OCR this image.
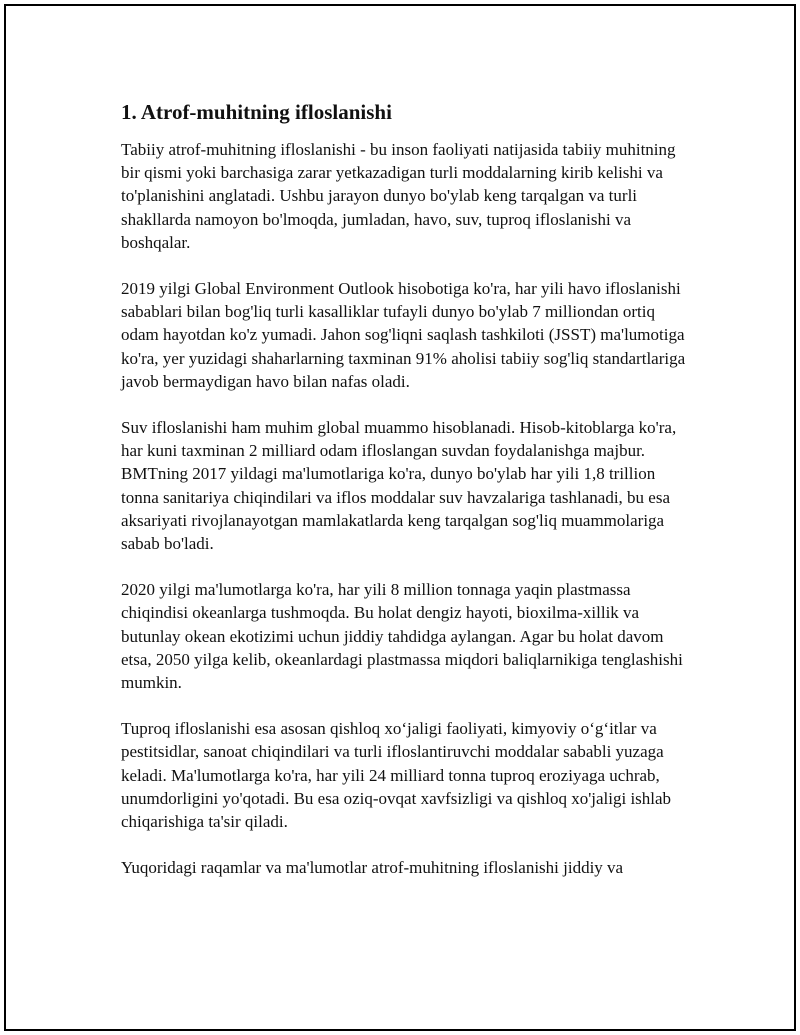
1. Atrof-muhitning ifloslanishi

Tabiiy atrof-muhitning ifloslanishi - bu inson faoliyati natijasida tabiiy muhitning bir qismi yoki barchasiga zarar yetkazadigan turli moddalarning kirib kelishi va to'planishini anglatadi. Ushbu jarayon dunyo bo'ylab keng tarqalgan va turli shakllarda namoyon bo'lmoqda, jumladan, havo, suv, tuproq ifloslanishi va boshqalar.

2019 yilgi Global Environment Outlook hisobotiga ko'ra, har yili havo ifloslanishi sabablari bilan bog'liq turli kasalliklar tufayli dunyo bo'ylab 7 milliondan ortiq odam hayotdan ko'z yumadi. Jahon sog'liqni saqlash tashkiloti (JSST) ma'lumotiga ko'ra, yer yuzidagi shaharlarning taxminan 91% aholisi tabiiy sog'liq standartlariga javob bermaydigan havo bilan nafas oladi.

Suv ifloslanishi ham muhim global muammo hisoblanadi. Hisob-kitoblarga ko'ra, har kuni taxminan 2 milliard odam ifloslangan suvdan foydalanishga majbur. BMTning 2017 yildagi ma'lumotlariga ko'ra, dunyo bo'ylab har yili 1,8 trillion tonna sanitariya chiqindilari va iflos moddalar suv havzalariga tashlanadi, bu esa aksariyati rivojlanayotgan mamlakatlarda keng tarqalgan sog'liq muammolariga sabab bo'ladi.

2020 yilgi ma'lumotlarga ko'ra, har yili 8 million tonnaga yaqin plastmassa chiqindisi okeanlarga tushmoqda. Bu holat dengiz hayoti, bioxilma-xillik va butunlay okean ekotizimi uchun jiddiy tahdidga aylangan. Agar bu holat davom etsa, 2050 yilga kelib, okeanlardagi plastmassa miqdori baliqlarnikiga tenglashishi mumkin.

Tuproq ifloslanishi esa asosan qishloq xo‘jaligi faoliyati, kimyoviy o‘g‘itlar va pestitsidlar, sanoat chiqindilari va turli ifloslantiruvchi moddalar sababli yuzaga keladi. Ma'lumotlarga ko'ra, har yili 24 milliard tonna tuproq eroziyaga uchrab, unumdorligini yo'qotadi. Bu esa oziq-ovqat xavfsizligi va qishloq xo'jaligi ishlab chiqarishiga ta'sir qiladi.

Yuqoridagi raqamlar va ma'lumotlar atrof-muhitning ifloslanishi jiddiy va
